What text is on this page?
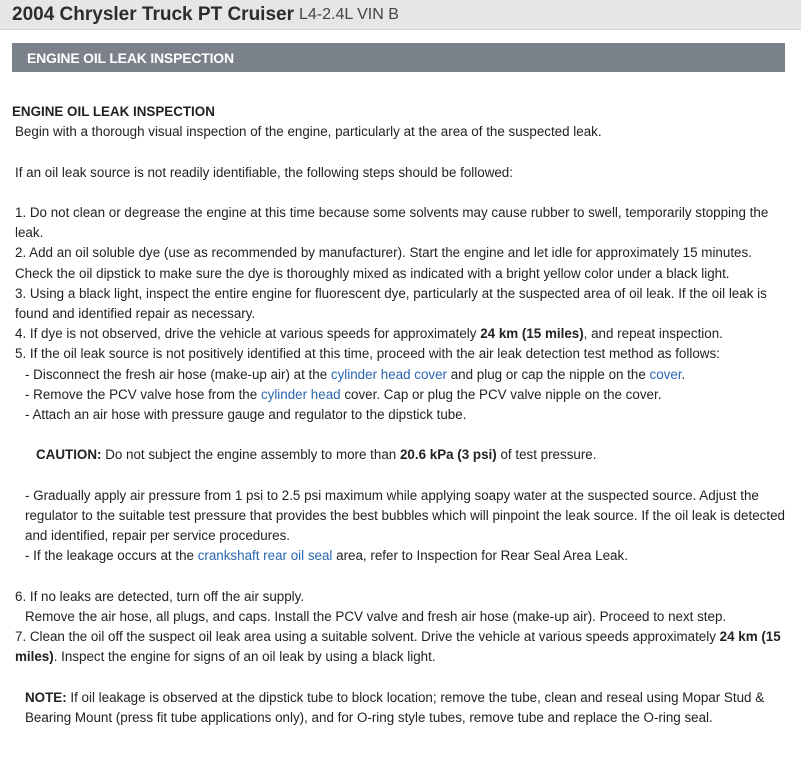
2004 Chrysler Truck PT Cruiser L4-2.4L VIN B
ENGINE OIL LEAK INSPECTION

ENGINE OIL LEAK INSPECTION

Begin with a thorough visual inspection of the engine, particularly at the area of the suspected leak.

If an oil leak source is not readily identifiable, the following steps should be followed:

1. Do not clean or degrease the engine at this time because some solvents may cause rubber to swell, temporarily stopping the leak.

2. Add an oil soluble dye (use as recommended by manufacturer). Start the engine and let idle for approximately 15 minutes. Check the oil dipstick to make sure the dye is thoroughly mixed as indicated with a bright yellow color under a black light.

3. Using a black light, inspect the entire engine for fluorescent dye, particularly at the suspected area of oil leak. If the oil leak is found and identified repair as necessary.

4. If dye is not observed, drive the vehicle at various speeds for approximately 24 km (15 miles), and repeat inspection.

5. If the oil leak source is not positively identified at this time, proceed with the air leak detection test method as follows:

- Disconnect the fresh air hose (make-up air) at the cylinder head cover and plug or cap the nipple on the cover.

- Remove the PCV valve hose from the cylinder head cover. Cap or plug the PCV valve nipple on the cover.

- Attach an air hose with pressure gauge and regulator to the dipstick tube.

CAUTION: Do not subject the engine assembly to more than 20.6 kPa (3 psi) of test pressure.

- Gradually apply air pressure from 1 psi to 2.5 psi maximum while applying soapy water at the suspected source. Adjust the regulator to the suitable test pressure that provides the best bubbles which will pinpoint the leak source. If the oil leak is detected and identified, repair per service procedures.

- If the leakage occurs at the crankshaft rear oil seal area, refer to Inspection for Rear Seal Area Leak.

6. If no leaks are detected, turn off the air supply.

Remove the air hose, all plugs, and caps. Install the PCV valve and fresh air hose (make-up air). Proceed to next step.

7. Clean the oil off the suspect oil leak area using a suitable solvent. Drive the vehicle at various speeds approximately 24 km (15 miles). Inspect the engine for signs of an oil leak by using a black light.

NOTE: If oil leakage is observed at the dipstick tube to block location; remove the tube, clean and reseal using Mopar Stud & Bearing Mount (press fit tube applications only), and for O-ring style tubes, remove tube and replace the O-ring seal.
